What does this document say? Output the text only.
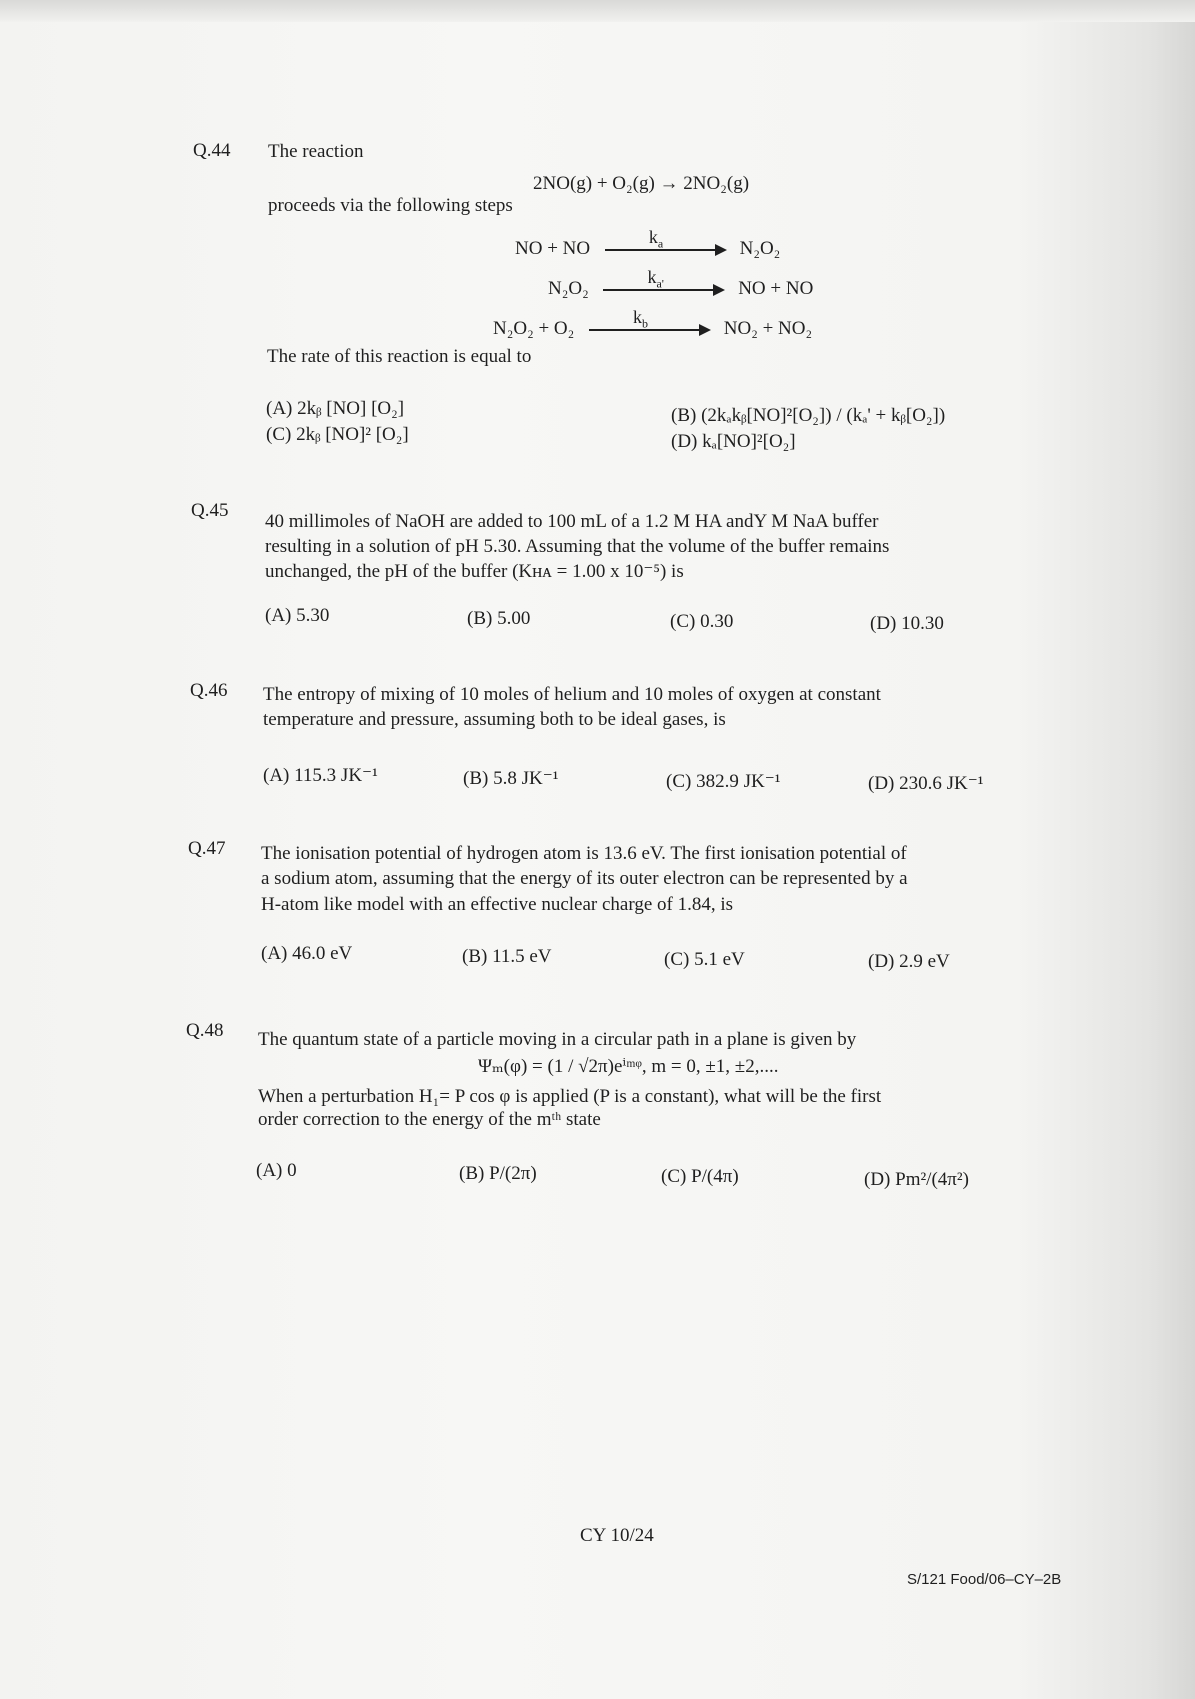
Q.44 The reaction
2NO(g) + O₂(g) → 2NO₂(g)
proceeds via the following steps
NO + NO
$k_a$	N₂O₂
N₂O₂
$k_{a'}$	NO + NO
N₂O₂ + O₂
$k_b$	NO₂ + NO₂
The rate of this reaction is equal to
(A) 2kᵦ [NO] [O₂]	(B) (2kₐkᵦ[NO]²[O₂]) / (kₐ' + kᵦ[O₂])
(C) 2kᵦ [NO]² [O₂]	(D) kₐ[NO]²[O₂]
Q.45
40 millimoles of NaOH are added to 100 mL of a 1.2 M HA andY M NaA buffer
resulting in a solution of pH 5.30. Assuming that the volume of the buffer remains
unchanged, the pH of the buffer (Kʜᴀ = 1.00 x 10⁻⁵) is
(A) 5.30	(B) 5.00	(C) 0.30	(D) 10.30
Q.46 The entropy of mixing of 10 moles of helium and 10 moles of oxygen at constant
temperature and pressure, assuming both to be ideal gases, is
(A) 115.3 JK⁻¹	(B) 5.8 JK⁻¹	(C) 382.9 JK⁻¹	(D) 230.6 JK⁻¹
Q.47 The ionisation potential of hydrogen atom is 13.6 eV. The first ionisation potential of
a sodium atom, assuming that the energy of its outer electron can be represented by a
H-atom like model with an effective nuclear charge of 1.84, is
(A) 46.0 eV	(B) 11.5 eV	(C) 5.1 eV	(D) 2.9 eV
Q.48 The quantum state of a particle moving in a circular path in a plane is given by
Ψₘ(φ) = (1 / √2π)eⁱᵐᵠ, m = 0, ±1, ±2,....
When a perturbation H₁= P cos φ is applied (P is a constant), what will be the first
order correction to the energy of the mᵗʰ state
(A) 0	(B) P/(2π)	(C) P/(4π)	(D) Pm²/(4π²)
CY 10/24
S/121 Food/06–CY–2B
